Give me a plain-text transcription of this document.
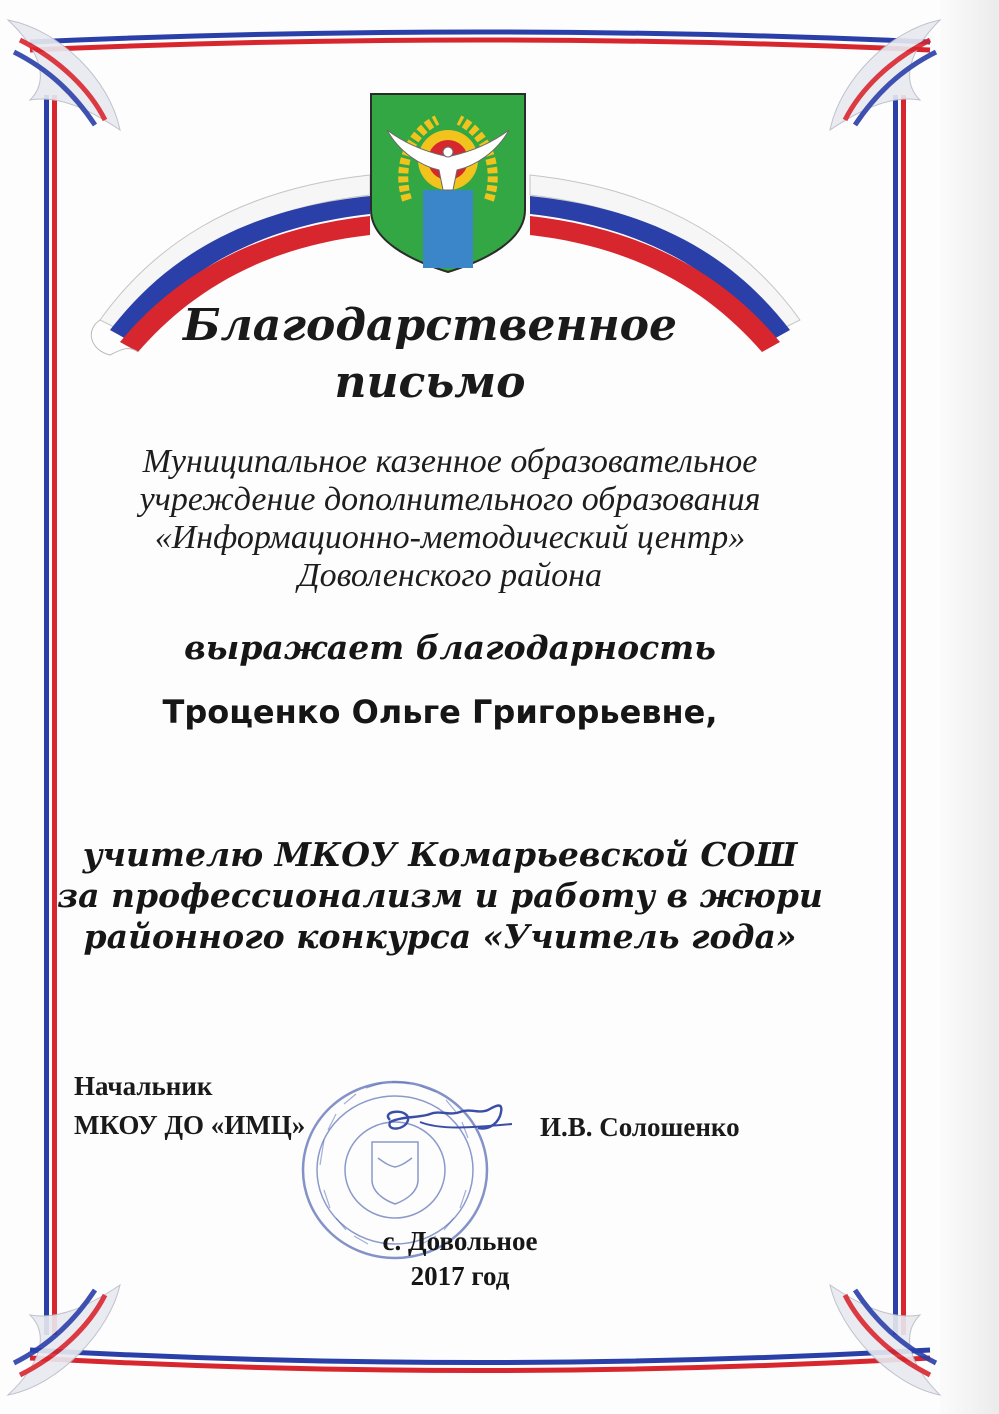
Благодарственное
письмо
Муниципальное казенное образовательное
учреждение дополнительного образования
«Информационно-методический центр»
Доволенского района
выражает благодарность
Троценко Ольге Григорьевне,
учителю МКОУ Комарьевской СОШ
за профессионализм и работу в жюри
районного конкурса «Учитель года»
Начальник
МКОУ ДО «ИМЦ»	И.В. Солошенко
с. Довольное
2017 год
